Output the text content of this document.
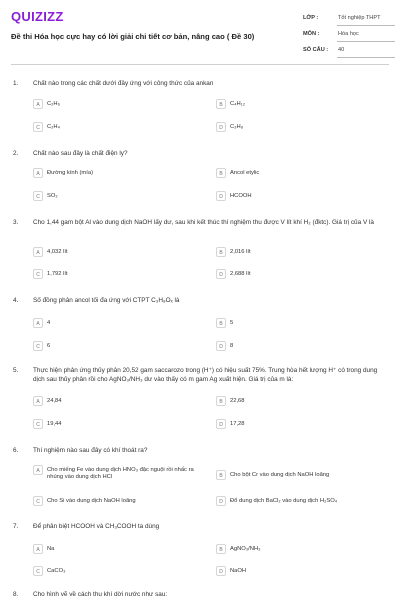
QUIZIZZ
Đề thi Hóa học cực hay có lời giải chi tiết cơ bản, nâng cao ( Đề 30)
LỚP :	Tốt nghiệp THPT
MÔN :	Hóa học
SỐ CÂU : 40
1. Chất nào trong các chất dưới đây ứng với công thức của ankan
A	C₂H₆	B	C₄H₁₂
C	C₂H₄	D	C₃H₈
2. Chất nào sau đây là chất điện ly?
A	Đường kính (mía)	B	Ancol etylic
C	SO₂	D	HCOOH
3. Cho 1,44 gam bột Al vào dung dịch NaOH lấy dư, sau khi kết thúc thí nghiệm thu được V lít khí H₂ (đktc). Giá trị của V là
A	4,032 lít	B	2,016 lít
C	1,792 lít	D	2,688 lít
4. Số đồng phân ancol tối đa ứng với CTPT C₃H₈Oₓ là
A	4	B	5
C	6	D	8
5. Thực hiện phản ứng thủy phân 20,52 gam saccarozo trong (H⁺) có hiệu suất 75%. Trung hòa hết lượng H⁺ có trong dung dịch sau thủy phân rồi cho AgNO₃/NH₃ dư vào thấy có m gam Ag xuất hiện. Giá trị của m là:
A	24,84	B	22,68
C	19,44	D	17,28
6. Thí nghiệm nào sau đây có khí thoát ra?
A	Cho miếng Fe vào dung dịch HNO₃ đặc nguội rồi nhấc ra nhúng vào dung dịch HCl	B	Cho bột Cr vào dung dịch NaOH loãng
C	Cho Si vào dung dịch NaOH loãng	D	Đổ dung dịch BaCl₂ vào dung dịch H₂SO₄
7. Để phân biệt HCOOH và CH₃COOH ta dùng
A	Na	B	AgNO₃/NH₃
C	CaCO₃	D	NaOH
8. Cho hình vẽ về cách thu khí dời nước như sau:
